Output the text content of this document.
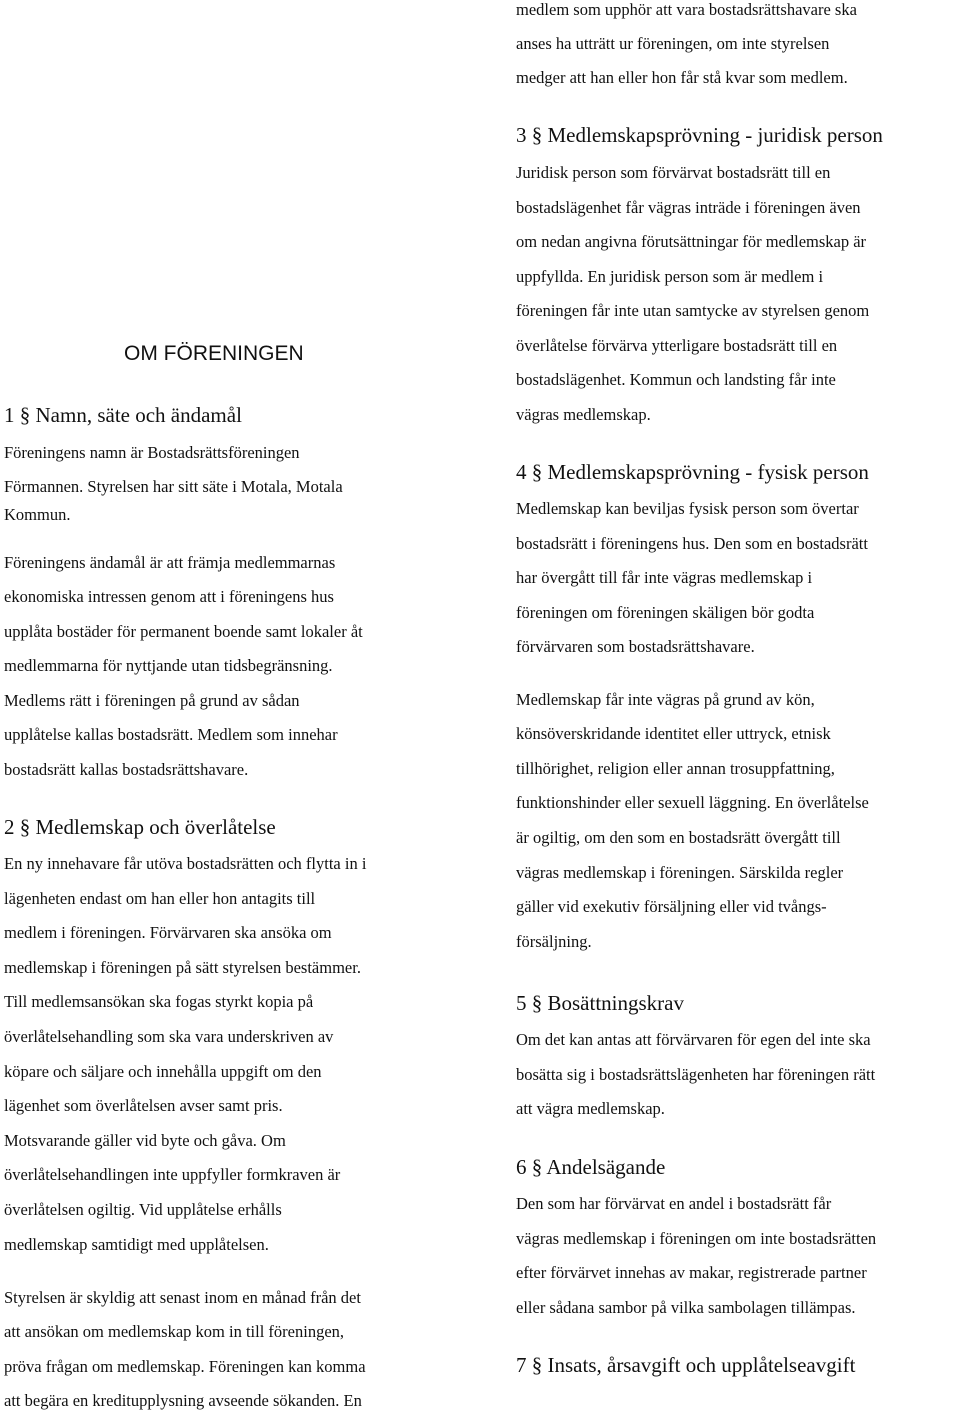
OM FÖRENINGEN
1 § Namn, säte och ändamål
Föreningens namn är Bostadsrättsföreningen
Förmannen. Styrelsen har sitt säte i Motala, Motala
Kommun.
Föreningens ändamål är att främja medlemmarnas
ekonomiska intressen genom att i föreningens hus
upplåta bostäder för permanent boende samt lokaler åt
medlemmarna för nyttjande utan tidsbegränsning.
Medlems rätt i föreningen på grund av sådan
upplåtelse kallas bostadsrätt. Medlem som innehar
bostadsrätt kallas bostadsrättshavare.
2 § Medlemskap och överlåtelse
En ny innehavare får utöva bostadsrätten och flytta in i
lägenheten endast om han eller hon antagits till
medlem i föreningen. Förvärvaren ska ansöka om
medlemskap i föreningen på sätt styrelsen bestämmer.
Till medlemsansökan ska fogas styrkt kopia på
överlåtelsehandling som ska vara underskriven av
köpare och säljare och innehålla uppgift om den
lägenhet som överlåtelsen avser samt pris.
Motsvarande gäller vid byte och gåva. Om
överlåtelsehandlingen inte uppfyller formkraven är
överlåtelsen ogiltig. Vid upplåtelse erhålls
medlemskap samtidigt med upplåtelsen.
Styrelsen är skyldig att senast inom en månad från det
att ansökan om medlemskap kom in till föreningen,
pröva frågan om medlemskap. Föreningen kan komma
att begära en kreditupplysning avseende sökanden. En
medlem som upphör att vara bostadsrättshavare ska
anses ha utträtt ur föreningen, om inte styrelsen
medger att han eller hon får stå kvar som medlem.
3 § Medlemskapsprövning - juridisk person
Juridisk person som förvärvat bostadsrätt till en
bostadslägenhet får vägras inträde i föreningen även
om nedan angivna förutsättningar för medlemskap är
uppfyllda. En juridisk person som är medlem i
föreningen får inte utan samtycke av styrelsen genom
överlåtelse förvärva ytterligare bostadsrätt till en
bostadslägenhet. Kommun och landsting får inte
vägras medlemskap.
4 § Medlemskapsprövning - fysisk person
Medlemskap kan beviljas fysisk person som övertar
bostadsrätt i föreningens hus. Den som en bostadsrätt
har övergått till får inte vägras medlemskap i
föreningen om föreningen skäligen bör godta
förvärvaren som bostadsrättshavare.
Medlemskap får inte vägras på grund av kön,
könsöverskridande identitet eller uttryck, etnisk
tillhörighet, religion eller annan trosuppfattning,
funktionshinder eller sexuell läggning. En överlåtelse
är ogiltig, om den som en bostadsrätt övergått till
vägras medlemskap i föreningen. Särskilda regler
gäller vid exekutiv försäljning eller vid tvångs-
försäljning.
5 § Bosättningskrav
Om det kan antas att förvärvaren för egen del inte ska
bosätta sig i bostadsrättslägenheten har föreningen rätt
att vägra medlemskap.
6 § Andelsägande
Den som har förvärvat en andel i bostadsrätt får
vägras medlemskap i föreningen om inte bostadsrätten
efter förvärvet innehas av makar, registrerade partner
eller sådana sambor på vilka sambolagen tillämpas.
7 § Insats, årsavgift och upplåtelseavgift
